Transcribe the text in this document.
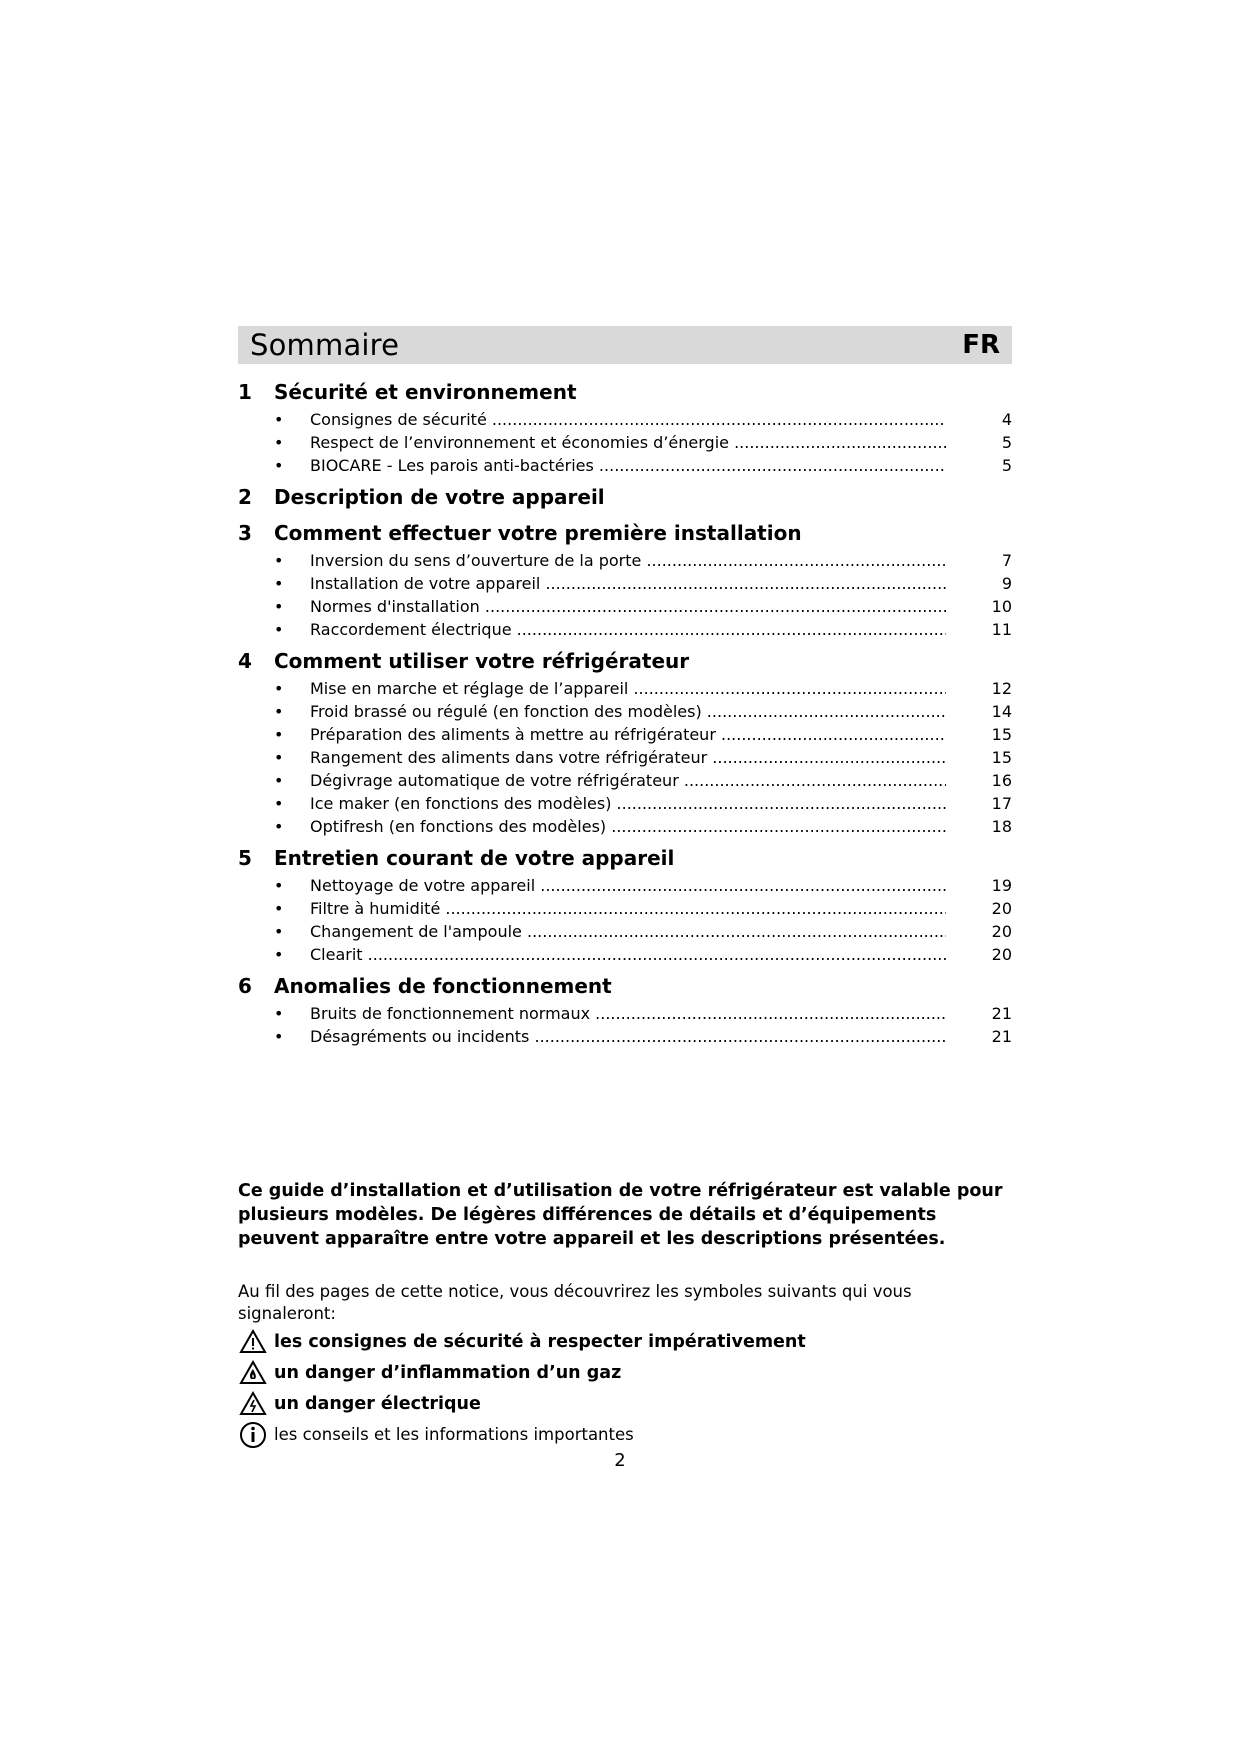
Sommaire	FR
1	Sécurité et environnement
•	Consignes de sécurité .....	4
•	Respect de l’environnement et économies d’énergie .....	5
•	BIOCARE - Les parois anti-bactéries .....	5
2	Description de votre appareil
3	Comment effectuer votre première installation
•	Inversion du sens d’ouverture de la porte .....	7
•	Installation de votre appareil .....	9
•	Normes d'installation .....	10
•	Raccordement électrique .....	11
4	Comment utiliser votre réfrigérateur
•	Mise en marche et réglage de l’appareil .....	12
•	Froid brassé ou régulé (en fonction des modèles) .....	14
•	Préparation des aliments à mettre au réfrigérateur .....	15
•	Rangement des aliments dans votre réfrigérateur .....	15
•	Dégivrage automatique de votre réfrigérateur .....	16
•	Ice maker (en fonctions des modèles) .....	17
•	Optifresh (en fonctions des modèles) .....	18
5	Entretien courant de votre appareil
•	Nettoyage de votre appareil .....	19
•	Filtre à humidité .....	20
•	Changement de l'ampoule .....	20
•	Clearit .....	20
6	Anomalies de fonctionnement
•	Bruits de fonctionnement normaux .....	21
•	Désagréments ou incidents .....	21
Ce guide d’installation et d’utilisation de votre réfrigérateur est valable pour plusieurs modèles. De légères différences de détails et d’équipements peuvent apparaître entre votre appareil et les descriptions présentées.
Au fil des pages de cette notice, vous découvrirez les symboles suivants qui vous signaleront:
les consignes de sécurité à respecter impérativement
un danger d’inflammation d’un gaz
un danger électrique
les conseils et les informations importantes
2
